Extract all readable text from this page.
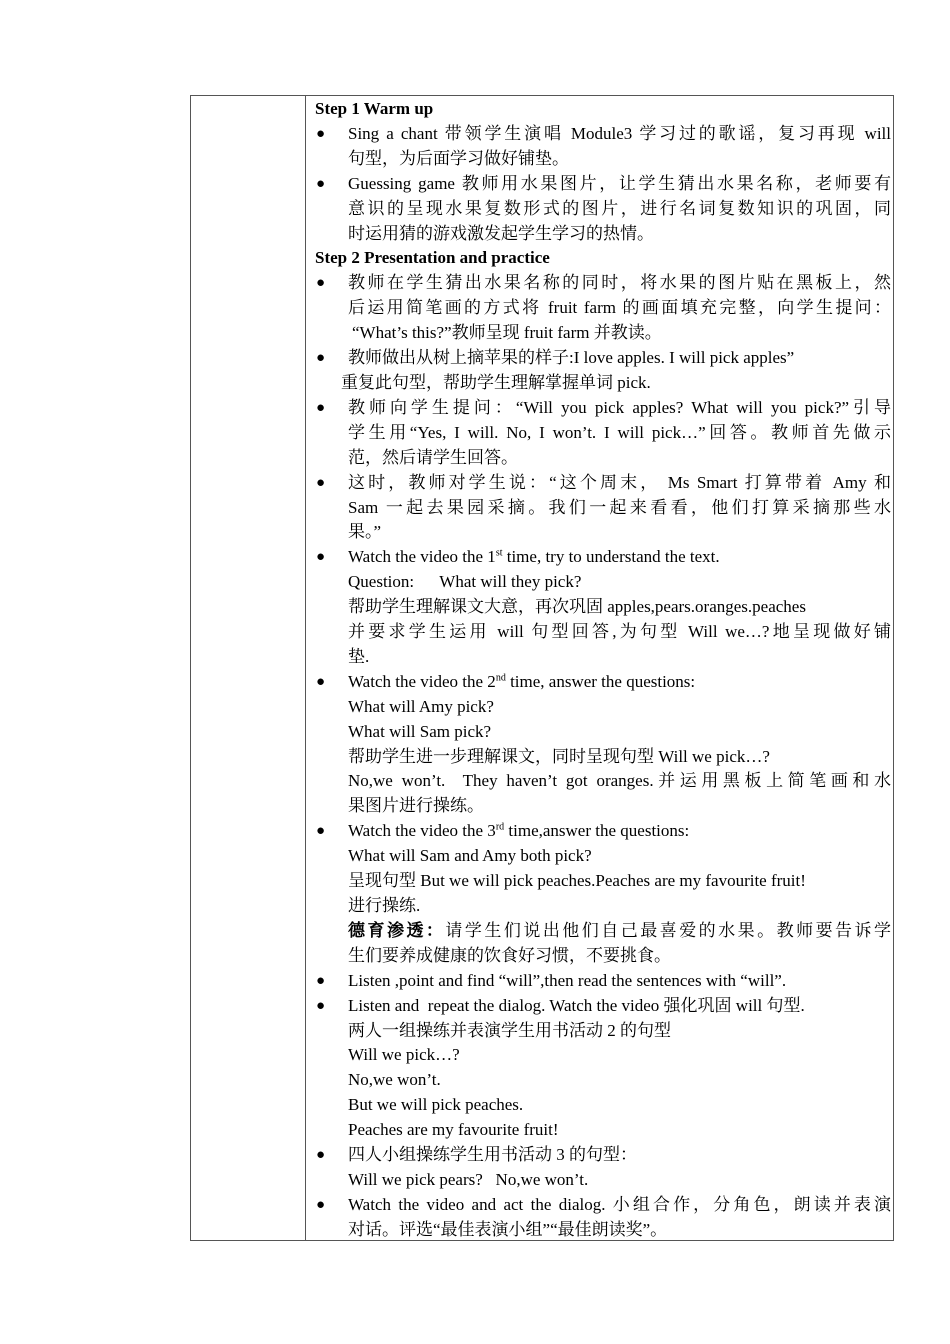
Step 1 Warm up
● Sing a chant 带领学生演唱 Module3 学习过的歌谣，复习再现 will
句型，为后面学习做好铺垫。
● Guessing game 教师用水果图片，让学生猜出水果名称，老师要有
意识的呈现水果复数形式的图片，进行名词复数知识的巩固，同
时运用猜的游戏激发起学生学习的热情。
Step 2 Presentation and practice
● 教师在学生猜出水果名称的同时，将水果的图片贴在黑板上，然
后运用简笔画的方式将 fruit farm 的画面填充完整，向学生提问：
“What’s this?”教师呈现 fruit farm 并教读。
● 教师做出从树上摘苹果的样子:I love apples. I will pick apples”
重复此句型，帮助学生理解掌握单词 pick.
● 教师向学生提问：“Will you pick apples? What will you pick?”引导
学生用“Yes, I will. No, I won’t. I will pick…”回答。教师首先做示
范，然后请学生回答。
● 这时，教师对学生说：“这个周末， Ms Smart 打算带着 Amy 和
Sam 一起去果园采摘。我们一起来看看，他们打算采摘那些水
果。”
● Watch the video the 1st time, try to understand the text.
Question:      What will they pick?
帮助学生理解课文大意，再次巩固 apples,pears.oranges.peaches
并要求学生运用 will 句型回答,为句型 Will we…?地呈现做好铺
垫.
● Watch the video the 2nd time, answer the questions:
What will Amy pick?
What will Sam pick?
帮助学生进一步理解课文，同时呈现句型 Will we pick…?
No,we won’t.  They haven’t got oranges.并运用黑板上简笔画和水
果图片进行操练。
● Watch the video the 3rd time,answer the questions:
What will Sam and Amy both pick?
呈现句型 But we will pick peaches.Peaches are my favourite fruit!
进行操练.
德育渗透：请学生们说出他们自己最喜爱的水果。教师要告诉学
生们要养成健康的饮食好习惯，不要挑食。
● Listen ,point and find “will”,then read the sentences with “will”.
● Listen and  repeat the dialog. Watch the video 强化巩固 will 句型.
两人一组操练并表演学生用书活动 2 的句型
Will we pick…?
No,we won’t.
But we will pick peaches.
Peaches are my favourite fruit!
● 四人小组操练学生用书活动 3 的句型：
Will we pick pears?   No,we won’t.
● Watch the video and act the dialog. 小组合作，分角色，朗读并表演
对话。评选“最佳表演小组”“最佳朗读奖”。
